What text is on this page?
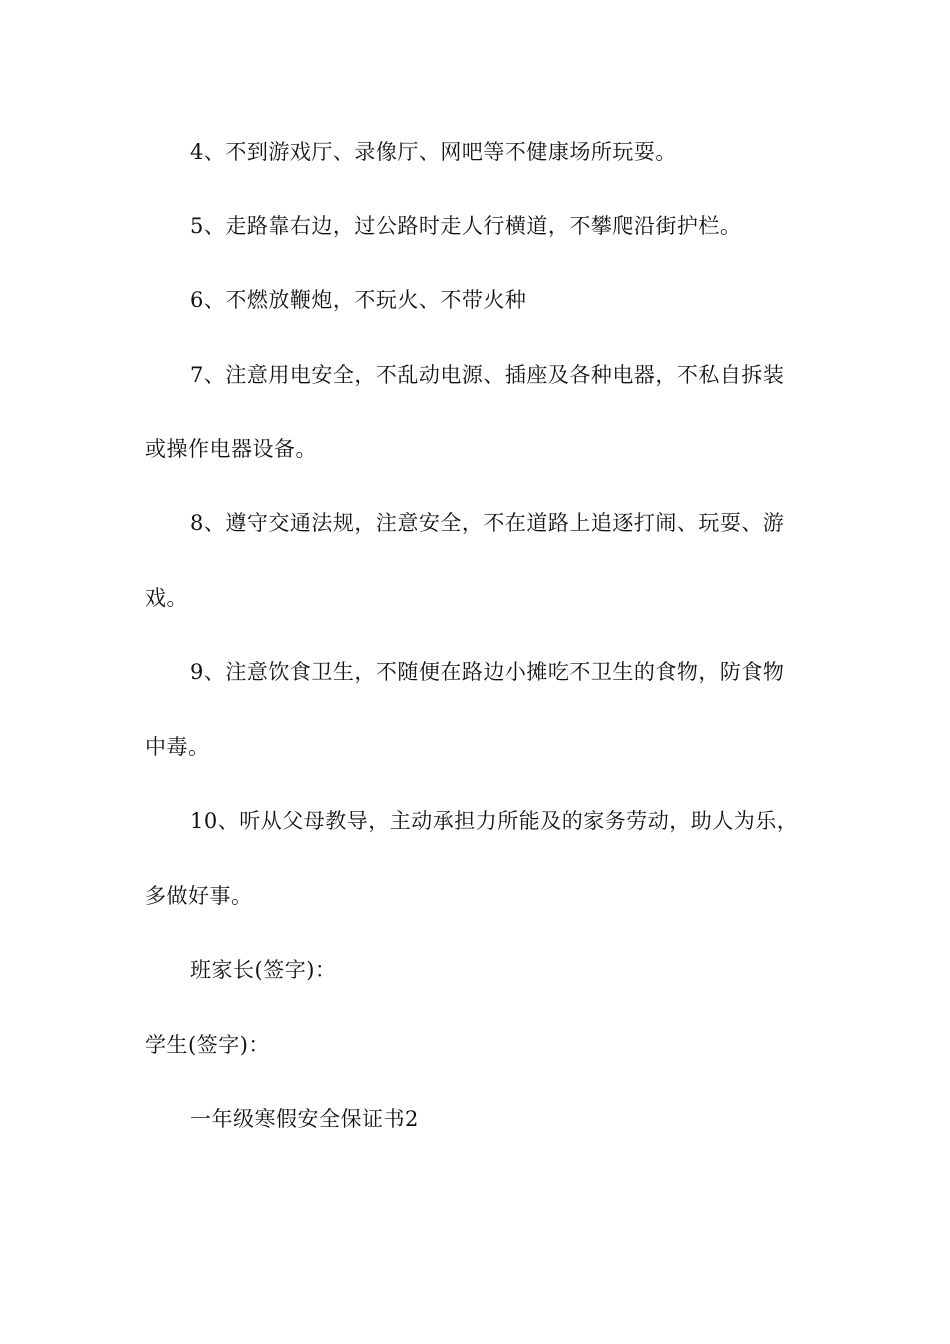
4、不到游戏厅、录像厅、网吧等不健康场所玩耍。
5、走路靠右边，过公路时走人行横道，不攀爬沿街护栏。
6、不燃放鞭炮，不玩火、不带火种
7、注意用电安全，不乱动电源、插座及各种电器，不私自拆装
或操作电器设备。
8、遵守交通法规，注意安全，不在道路上追逐打闹、玩耍、游
戏。
9、注意饮食卫生，不随便在路边小摊吃不卫生的食物，防食物
中毒。
10、听从父母教导，主动承担力所能及的家务劳动，助人为乐，
多做好事。
班家长(签字)：
学生(签字)：
一年级寒假安全保证书2
